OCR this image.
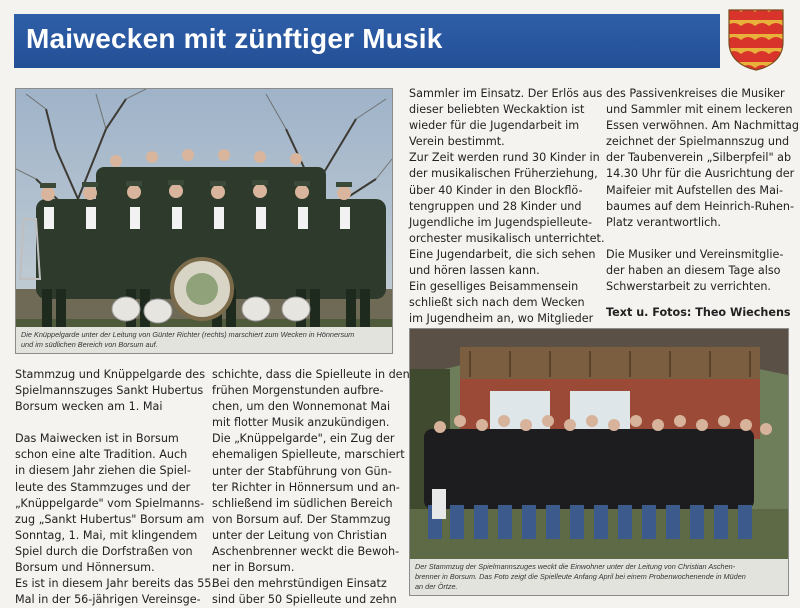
Maiwecken mit zünftiger Musik
Die Knüppelgarde unter der Leitung von Günter Richter (rechts) marschiert zum Wecken in Hönnersum
und im südlichen Bereich von Borsum auf.
Der Stammzug der Spielmannszuges weckt die Einwohner unter der Leitung von Christian Aschen-
brenner in Borsum. Das Foto zeigt die Spielleute Anfang April bei einem Probenwochenende in Müden
an der Örtze.

Stammzug und Knüppelgarde des

Spielmannszuges Sankt Hubertus

Borsum wecken am 1. Mai

Das Maiwecken ist in Borsum

schon eine alte Tradition. Auch

in diesem Jahr ziehen die Spiel-

leute des Stammzuges und der

„Knüppelgarde" vom Spielmanns-

zug „Sankt Hubertus" Borsum am

Sonntag, 1. Mai, mit klingendem

Spiel durch die Dorfstraßen von

Borsum und Hönnersum.

Es ist in diesem Jahr bereits das 55.

Mal in der 56-jährigen Vereinsge-

schichte, dass die Spielleute in den

frühen Morgenstunden aufbre-

chen, um den Wonnemonat Mai

mit flotter Musik anzukündigen.

Die „Knüppelgarde", ein Zug der

ehemaligen Spielleute, marschiert

unter der Stabführung von Gün-

ter Richter in Hönnersum und an-

schließend im südlichen Bereich

von Borsum auf. Der Stammzug

unter der Leitung von Christian

Aschenbrenner weckt die Bewoh-

ner in Borsum.

Bei den mehrstündigen Einsatz

sind über 50 Spielleute und zehn

Sammler im Einsatz. Der Erlös aus

dieser beliebten Weckaktion ist

wieder für die Jugendarbeit im

Verein bestimmt.

Zur Zeit werden rund 30 Kinder in

der musikalischen Früherziehung,

über 40 Kinder in den Blockflö-

tengruppen und 28 Kinder und

Jugendliche im Jugendspielleute-

orchester musikalisch unterrichtet.

Eine Jugendarbeit, die sich sehen

und hören lassen kann.

Ein geselliges Beisammensein

schließt sich nach dem Wecken

im Jugendheim an, wo Mitglieder

des Passivenkreises die Musiker

und Sammler mit einem leckeren

Essen verwöhnen. Am Nachmittag

zeichnet der Spielmannszug und

der Taubenverein „Silberpfeil" ab

14.30 Uhr für die Ausrichtung der

Maifeier mit Aufstellen des Mai-

baumes auf dem Heinrich-Ruhen-

Platz verantwortlich.

Die Musiker und Vereinsmitglie-

der haben an diesem Tage also

Schwerstarbeit zu verrichten.

Text u. Fotos: Theo Wiechens
